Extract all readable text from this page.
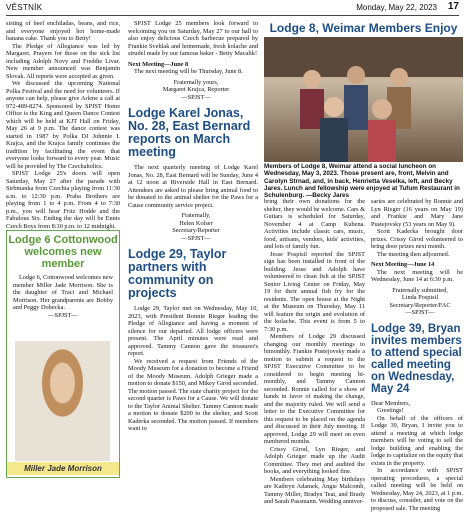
VĚSTNÍK	Monday, May 22, 2023 17

sisting of beef enchiladas, beans, and rice, and everyone enjoyed hot home-made banana cake. Thank you to Betty!

The Pledge of Allegiance was led by Margaret. Prayers for those on the sick list including Adolph Novy and Freddie Livar. New member announced was Benjamin Slovak. All reports were accepted as given.

We discussed the upcoming National Polka Festival and the need for volunteers. If anyone can help, please give Arlene a call at 972-489-8274. Sponsored by SPJST Home Office is the King and Queen Dance Contest which will be held at KJT Hall on Friday, May 26 at 9 p.m. The dance contest was started in 1987 by Polka DJ Johnnie I. Krajca, and the Krajca family continues the tradition by facilitating the event that everyone looks forward to every year. Music will be provided by The Czechaholics.

SPJST Lodge 25's doors will open Saturday, May 27 after the parade with Strbmanka from Czechia playing from 11:30 a.m. to 12:30 p.m. Praha Brothers are playing from 1 to 4 p.m. From 4 to 7:30 p.m., you will hear Fritz Hodde and the Fabulous Six. Ending the day will be Ennis Czech Boys from 8:30 p.m. to 12 midnight.

Lodge 6 Cottonwood welcomes new member

Lodge 6, Cottonwood welcomes new member Miller Jade Morrison. She is the daughter of Traci and Michael Morrison. Her grandparents are Bobby and Peggy Dobecka.

—SPJST—

Miller Jade Morrison

SPJST Lodge 25 members look forward to welcoming you on Saturday, May 27 to our hall to also enjoy delicious Czech barbecue prepared by Frankie Svehlak and homemade, fresh kolache and strudel made by our famous baker - Betty Macalik!

Next Meeting—June 8

The next meeting will be Thursday, June 8.

Fraternally yours,

Margaret Krajca, Reporter

—SPJST—

Lodge Karel Jonas, No. 28, East Bernard reports on March meeting

The next quarterly meeting of Lodge Karel Jonas, No. 28, East Bernard will be Sunday, June 4 at 12 noon at Riverside Hall in East Bernard. Attendees are asked to please bring animal food to be donated to the animal shelter for the Paws for a Cause community service project.

Fraternally,

Helen Kolser

Secretary/Reporter

—SPJST—

Lodge 29, Taylor partners with community on projects

Lodge 29, Taylor met on Wednesday, May 10, 2023, with President Ronnie Rieger leading the Pledge of Allegiance and having a moment of silence for our departed. All lodge officers were present. The April minutes were read and approved. Tammy Cannon gave the treasurer's report.

We received a request from Friends of the Moody Museum for a donation to become a Friend of the Moody Museum. Adolph Grieger made a motion to donate $150, and Mikey Girod seconded. The motion passed. The state charity project for the second quarter is Paws for a Cause. We will donate to the Taylor Animal Shelter. Tammy Cannon made a motion to donate $200 to the shelter, and Scott Kaderka seconded. The motion passed. If members want to

Lodge 8, Weimar Members Enjoy
Members of Lodge 8, Weimar attend a social luncheon on Wednesday, May 3, 2023. Those present are, front, Melvin and Carolyn Strnad, and, in back, Henrietta Veselka, left, and Becky Jares. Lunch and fellowship were enjoyed at Tufum Restaurant in Schulenburg. —Becky Jares

bring their own donations for the shelter, they would be welcome. Cars & Guitars is scheduled for Saturday, November 4 at Camp Kubena. Activities include classic cars, music, food, artisans, vendors, kids' activities, and lots of family fun.

Jesse Pospisil reported the SPJST sign has been installed in front of the building. Jesse and Adolph have volunteered to clean fish at the SPJST Senior Living Center on Friday, May 19 for their annual fish fry for the residents. The open house at the Night at the Museum on Thursday, May 11 will feature the origin and evolution of the kolache. This event is from 5 to 7:30 p.m.

Members of Lodge 29 discussed changing our monthly meetings to bimonthly. Frankie Pustejovsky made a motion to submit a request to the SPJST Executive Committee to be considered to begin meeting bi-monthly, and Tammy Cannon seconded. Ronnie called for a show of hands in favor of making the change, and the majority ruled. We will send a letter to the Executive Committee for this request to be placed on the agenda and discussed in their July meeting. If approved, Lodge 29 will meet on even numbered months.

Crissy Girod, Lyn Rieger, and Adolph Grieger made up the Audit Committee. They met and audited the books, and everything looked fine.

Members celebrating May birthdays are Kathryn Adamek, Angie Malcomb, Tammy Miller, Bradyn Teat, and Brady and Sarah Passmann. Wedding anniver-

saries are celebrated by Ronnie and Lyn Rieger (16 years on May 19) and Frankie and Mary Jane Pustejovsky (53 years on May 9).

Scott Kaderka brought door prizes. Crissy Girod volunteered to bring door prizes next month.

The meeting then adjourned.

Next Meeting—June 14

The next meeting will be Wednesday, June 14 at 6:30 p.m.

Fraternally submitted,

Linda Pospisil

Secretary/Reporter/FAC

—SPJST—

Lodge 39, Bryan invites members to attend special called meeting on Wednesday, May 24

Dear Members,

Greetings!

On behalf of the officers of Lodge 39, Bryan, I invite you to attend a meeting at which lodge members will be voting to sell the lodge building and enabling the lodge to capitalize on the equity that exists in the property.

In accordance with SPJST operating procedures, a special called meeting will be held on Wednesday, May 24, 2023, at 1 p.m. to discuss, consider, and vote on the proposed sale. The meeting
